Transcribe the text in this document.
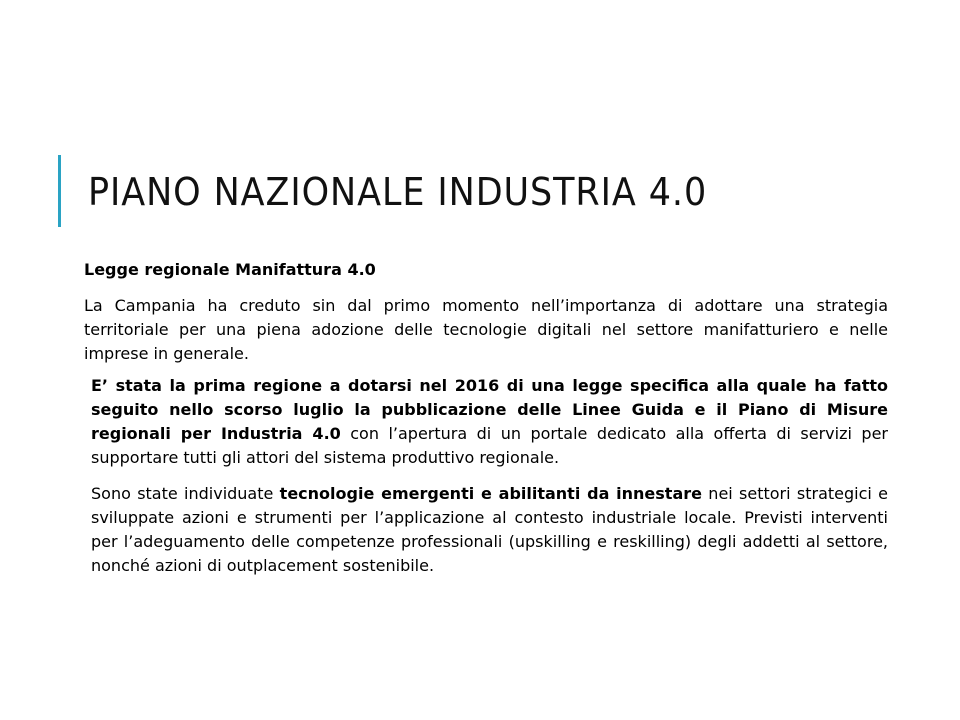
PIANO NAZIONALE INDUSTRIA 4.0

Legge regionale Manifattura 4.0

La Campania ha creduto sin dal primo momento nell’importanza di adottare una strategia territoriale per una piena adozione delle tecnologie digitali nel settore manifatturiero e nelle imprese in generale.

E’ stata la prima regione a dotarsi nel 2016 di una legge specifica alla quale ha fatto seguito nello scorso luglio la pubblicazione delle Linee Guida e il Piano di Misure regionali per Industria 4.0 con l’apertura di un portale dedicato alla offerta di servizi per supportare tutti gli attori del sistema produttivo regionale.

Sono state individuate tecnologie emergenti e abilitanti da innestare nei settori strategici e sviluppate azioni e strumenti per l’applicazione al contesto industriale locale. Previsti interventi per l’adeguamento delle competenze professionali (upskilling e reskilling) degli addetti al settore, nonché azioni di outplacement sostenibile.
